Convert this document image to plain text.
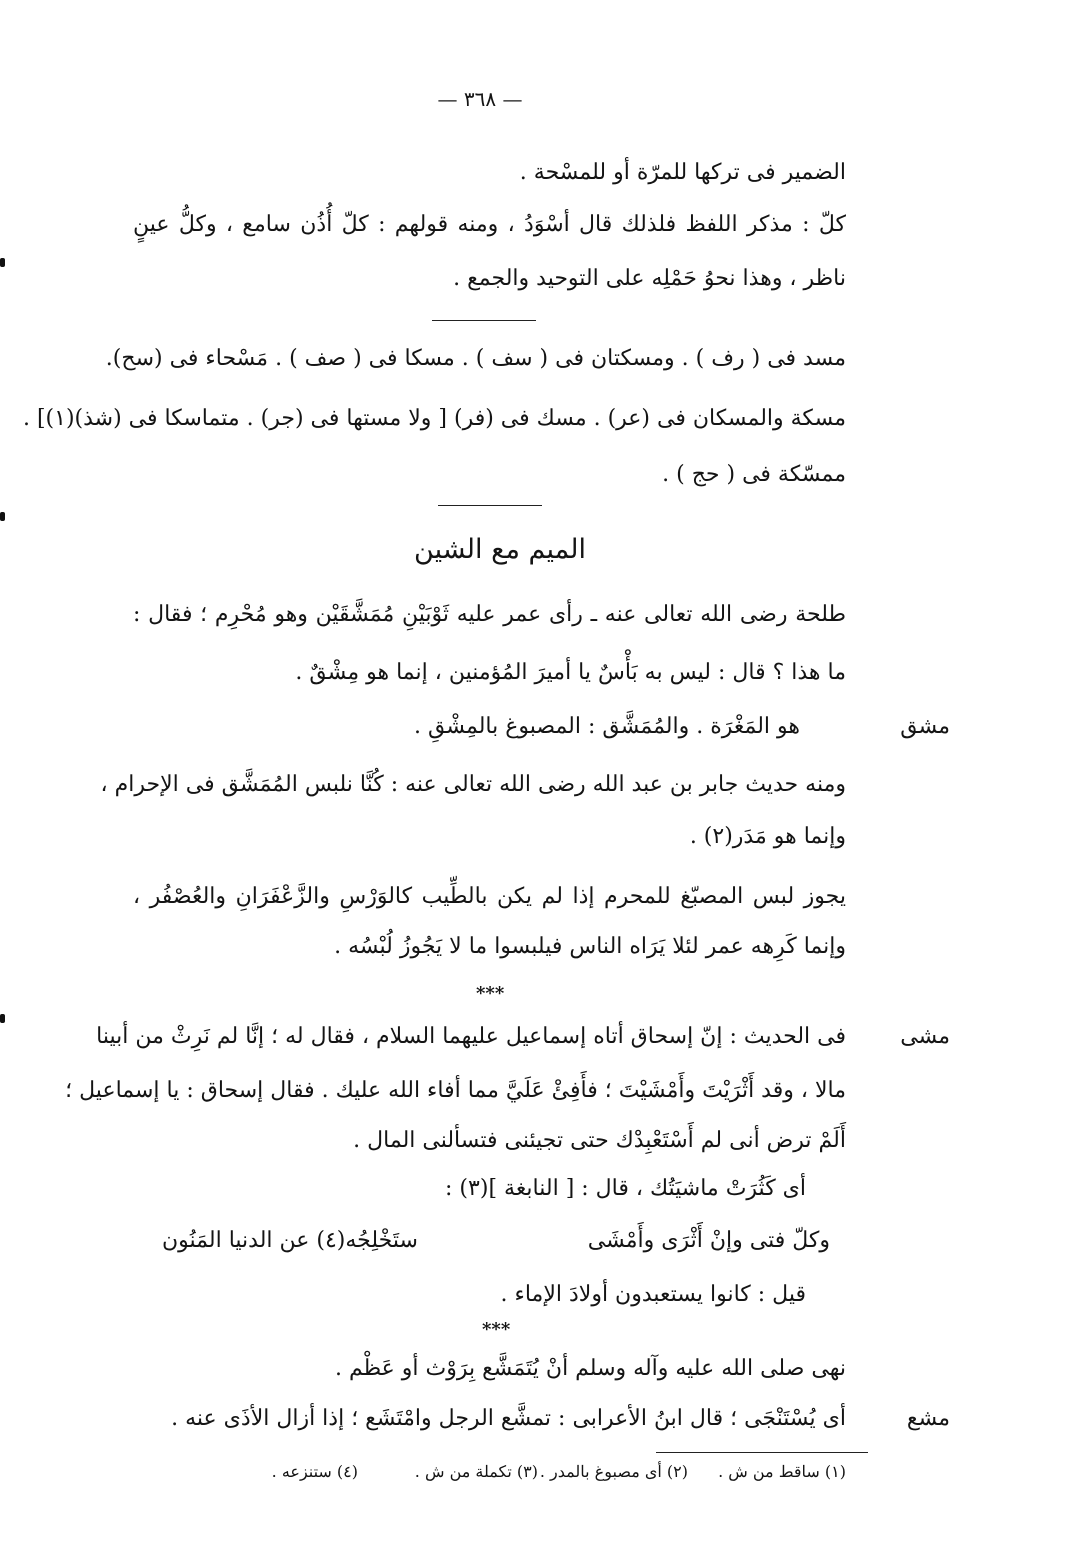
— ٣٦٨ —
الضمير فى تركها للمرّة أو للمسْحة .
كلّ : مذكر اللفظ فلذلك قال أسْوَدُ ، ومنه قولهم : كلّ أُذُن سامع ، وكلُّ عينٍ
ناظر ، وهذا نحوُ حَمْلِه على التوحيد والجمع .
مسد فى ( رف ) . ومسكتان فى ( سف ) . مسكا فى ( صف ) . مَسْحاء فى (سح).
مسكة والمسكان فى (عر) . مسك فى (فر) [ ولا مستها فى (جر) . متماسكا فى (شذ)(١)] .
ممسّكة فى ( حج ) .
الميم مع الشين
طلحة رضى الله تعالى عنه ـ رأى عمر عليه ثَوْبَيْنِ مُمَشَّقَيْن وهو مُحْرِم ؛ فقال :
ما هذا ؟ قال : ليس به بَأْسٌ يا أميرَ المُؤمنين ، إنما هو مِشْقٌ .
مشق
هو المَغْرَة . والمُمَشَّق : المصبوغ بالمِشْقِ .
ومنه حديث جابر بن عبد الله رضى الله تعالى عنه : كُنَّا نلبس المُمَشَّق فى الإحرام ،
وإنما هو مَدَر(٢) .
يجوز لبس المصبّغ للمحرم إذا لم يكن بالطِّيب كالوَرْسِ والزَّعْفَرَانِ والعُصْفُر ،
وإنما كَرِهه عمر لئلا يَرَاه الناس فيلبسوا ما لا يَجُوزُ لُبْسُه .
***
مشى
فى الحديث : إنّ إسحاق أتاه إسماعيل عليهما السلام ، فقال له ؛ إنَّا لم نَرِثْ من أبينا
مالا ، وقد أَثْرَيْتَ وأَمْشَيْتَ ؛ فأَفِئْ عَلَيَّ مما أفاء الله عليك . فقال إسحاق : يا إسماعيل ؛
أَلَمْ ترض أنى لم أَسْتَعْبِدْك حتى تجيئنى فتسألنى المال .
أى كَثُرَتْ ماشيَتُك ، قال : [ النابغة ](٣) :
وكلّ فتى وإنْ أَثْرَى وأَمْشَى
ستَخْلِجُه(٤) عن الدنيا المَنُون
قيل : كانوا يستعبدون أولادَ الإماء .
***
نهى صلى الله عليه وآله وسلم أنْ يُتَمَشَّع بِرَوْث أو عَظْم .
مشع
أى يُسْتَنْجَى ؛ قال ابنُ الأعرابى : تمشَّع الرجل وامْتَشَع ؛ إذا أزال الأذَى عنه .
(١) ساقط من ش .
(٢) أى مصبوغ بالمدر .
(٣) تكملة من ش .
(٤) ستنزعه .
